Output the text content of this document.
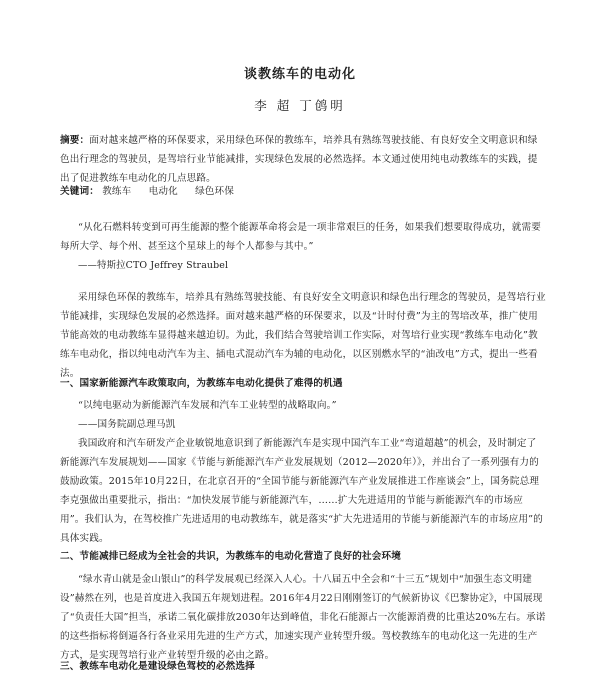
谈教练车的电动化
李 超 丁鸧明
摘要：面对越来越严格的环保要求，采用绿色环保的教练车，培养具有熟练驾驶技能、有良好安全文明意识和绿色出行理念的驾驶员，是驾培行业节能减排，实现绿色发展的必然选择。本文通过使用纯电动教练车的实践，提出了促进教练车电动化的几点思路。
关键词： 教练车 电动化 绿色环保
“从化石燃料转变到可再生能源的整个能源革命将会是一项非常艰巨的任务，如果我们想要取得成功，就需要每所大学、每个州、甚至这个星球上的每个人都参与其中。”
——特斯拉CTO Jeffrey Straubel
采用绿色环保的教练车，培养具有熟练驾驶技能、有良好安全文明意识和绿色出行理念的驾驶员，是驾培行业节能减排，实现绿色发展的必然选择。面对越来越严格的环保要求，以及“计时付费”为主的驾培改革，推广使用节能高效的电动教练车显得越来越迫切。为此，我们结合驾驶培训工作实际，对驾培行业实现“教练车电动化”教练车电动化，指以纯电动汽车为主、插电式混动汽车为辅的电动化，以区别燃水罕的“油改电”方式，提出一些看法。
一、国家新能源汽车政策取向，为教练车电动化提供了难得的机遇
“以纯电驱动为新能源汽车发展和汽车工业转型的战略取向。”
——国务院副总理马凯
我国政府和汽车研发产企业敏锐地意识到了新能源汽车是实现中国汽车工业“弯道超越”的机会，及时制定了新能源汽车发展规划——国家《节能与新能源汽车产业发展规划（2012—2020年）》，并出台了一系列强有力的鼓励政策。2015年10月22日，在北京召开的“全国节能与新能源汽车产业发展推进工作座谈会”上，国务院总理李克强做出重要批示，指出：“加快发展节能与新能源汽车，……扩大先进适用的节能与新能源汽车的市场应用”。我们认为，在驾校推广先进适用的电动教练车，就是落实“扩大先进适用的节能与新能源汽车的市场应用”的具体实践。
二、节能减排已经成为全社会的共识，为教练车的电动化营造了良好的社会环境
“绿水青山就是金山银山”的科学发展观已经深入人心。十八届五中全会和“十三五”规划中“加强生态文明建设”赫然在列，也是首度进入我国五年规划进程。2016年4月22日刚刚签订的气候新协议《巴黎协定》，中国展现了“负责任大国”担当，承诺二氧化碳排放2030年达到峰值，非化石能源占一次能源消费的比重达20%左右。承诺的这些指标将倒逼各行各业采用先进的生产方式，加速实现产业转型升级。驾校教练车的电动化这一先进的生产方式，是实现驾培行业产业转型升级的必由之路。
三、教练车电动化是建设绿色驾校的必然选择
